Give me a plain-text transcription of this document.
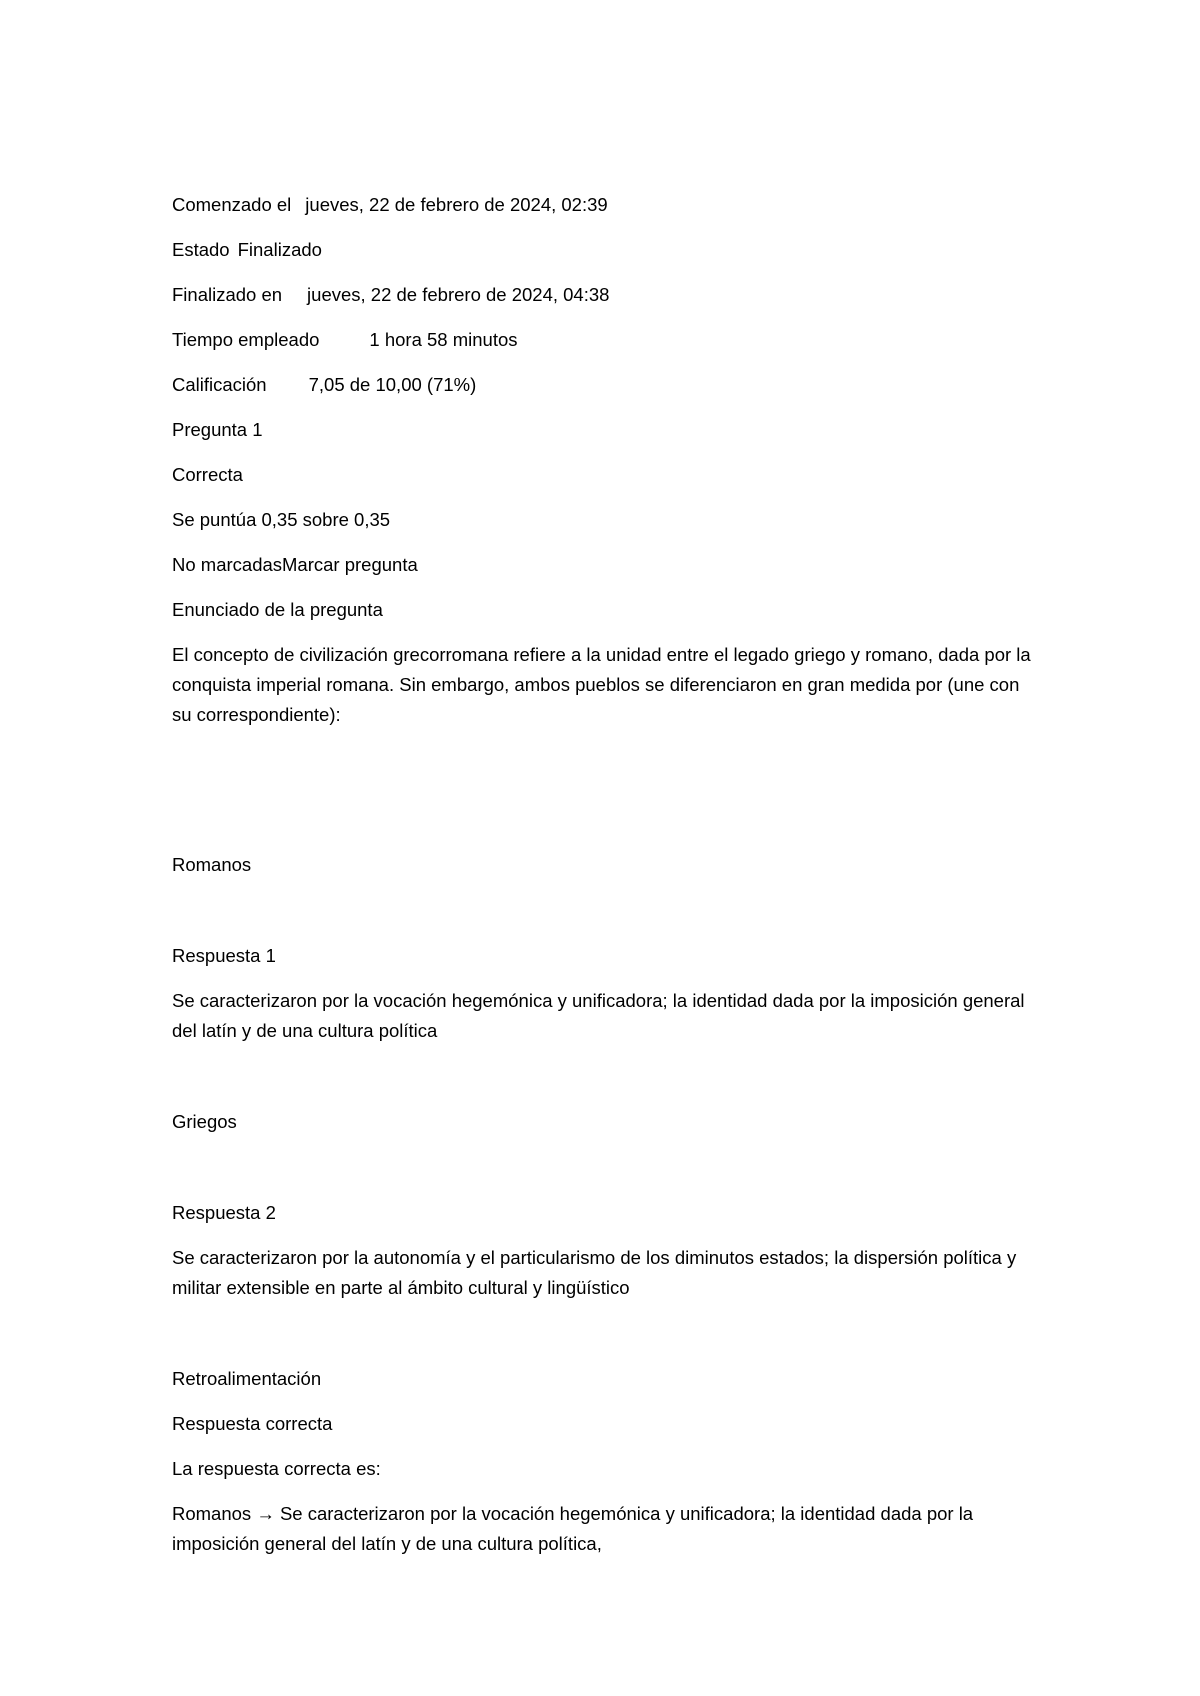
Comenzado el jueves, 22 de febrero de 2024, 02:39

Estado Finalizado

Finalizado en jueves, 22 de febrero de 2024, 04:38

Tiempo empleado	1 hora 58 minutos

Calificación 7,05 de 10,00 (71%)

Pregunta 1

Correcta

Se puntúa 0,35 sobre 0,35

No marcadasMarcar pregunta

Enunciado de la pregunta

El concepto de civilización grecorromana refiere a la unidad entre el legado griego y romano, dada por la conquista imperial romana. Sin embargo, ambos pueblos se diferenciaron en gran medida por (une con su correspondiente):

Romanos

Respuesta 1

Se caracterizaron por la vocación hegemónica y unificadora; la identidad dada por la imposición general del latín y de una cultura política

Griegos

Respuesta 2

Se caracterizaron por la autonomía y el particularismo de los diminutos estados; la dispersión política y militar extensible en parte al ámbito cultural y lingüístico

Retroalimentación

Respuesta correcta

La respuesta correcta es:

Romanos → Se caracterizaron por la vocación hegemónica y unificadora; la identidad dada por la imposición general del latín y de una cultura política,
